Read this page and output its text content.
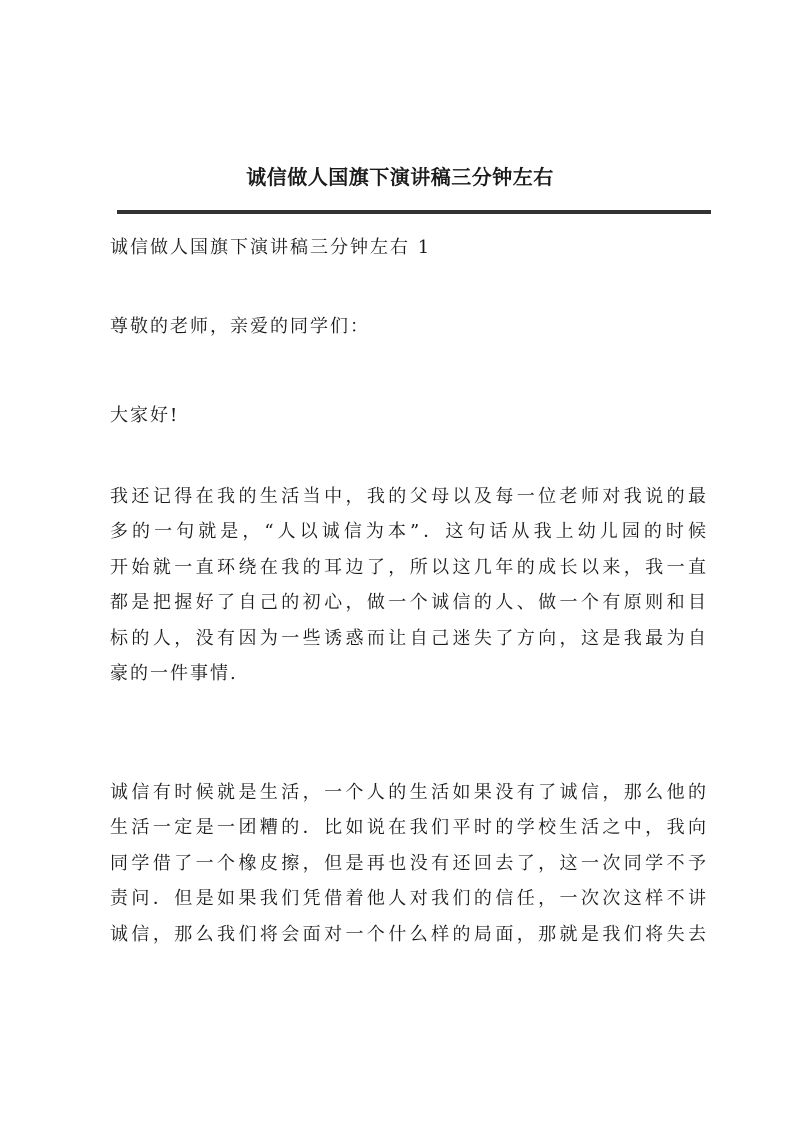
诚信做人国旗下演讲稿三分钟左右
诚信做人国旗下演讲稿三分钟左右 1
尊敬的老师，亲爱的同学们：
大家好!
我还记得在我的生活当中，我的父母以及每一位老师对我说的最
多的一句就是，“人以诚信为本”．这句话从我上幼儿园的时候
开始就一直环绕在我的耳边了，所以这几年的成长以来，我一直
都是把握好了自己的初心，做一个诚信的人、做一个有原则和目
标的人，没有因为一些诱惑而让自己迷失了方向，这是我最为自
豪的一件事情.
诚信有时候就是生活，一个人的生活如果没有了诚信，那么他的
生活一定是一团糟的．比如说在我们平时的学校生活之中，我向
同学借了一个橡皮擦，但是再也没有还回去了，这一次同学不予
责问．但是如果我们凭借着他人对我们的信任，一次次这样不讲
诚信，那么我们将会面对一个什么样的局面，那就是我们将失去
